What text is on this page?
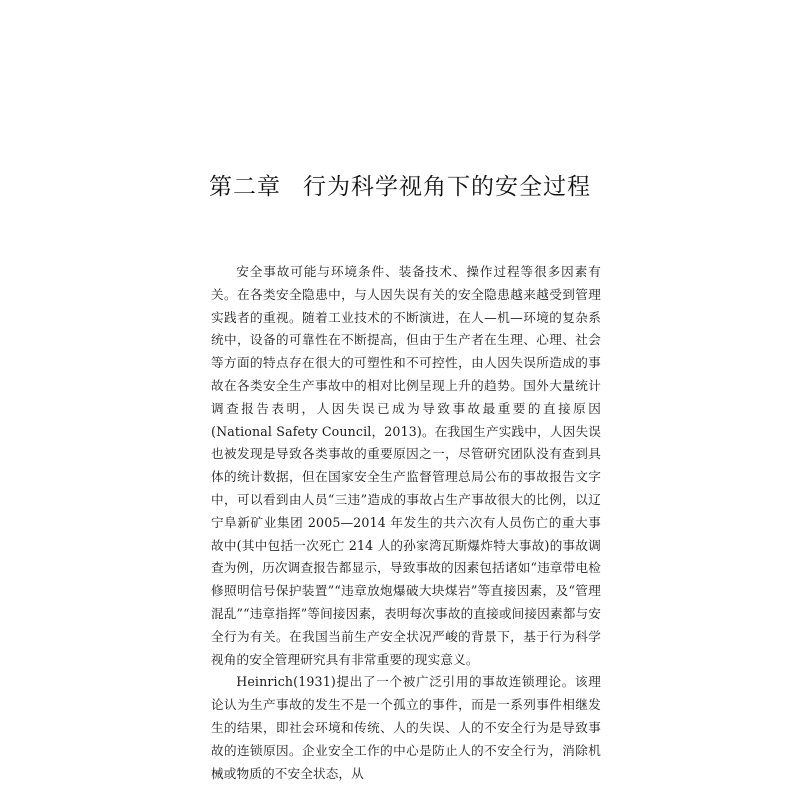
第二章 行为科学视角下的安全过程

安全事故可能与环境条件、装备技术、操作过程等很多因素有关。在各类安全隐患中，与人因失误有关的安全隐患越来越受到管理实践者的重视。随着工业技术的不断演进，在人—机—环境的复杂系统中，设备的可靠性在不断提高，但由于生产者在生理、心理、社会等方面的特点存在很大的可塑性和不可控性，由人因失误所造成的事故在各类安全生产事故中的相对比例呈现上升的趋势。国外大量统计调查报告表明，人因失误已成为导致事故最重要的直接原因(National Safety Council，2013)。在我国生产实践中，人因失误也被发现是导致各类事故的重要原因之一，尽管研究团队没有查到具体的统计数据，但在国家安全生产监督管理总局公布的事故报告文字中，可以看到由人员“三违”造成的事故占生产事故很大的比例，以辽宁阜新矿业集团 2005—2014 年发生的共六次有人员伤亡的重大事故中(其中包括一次死亡 214 人的孙家湾瓦斯爆炸特大事故)的事故调查为例，历次调查报告都显示，导致事故的因素包括诸如“违章带电检修照明信号保护装置”“违章放炮爆破大块煤岩”等直接因素，及“管理混乱”“违章指挥”等间接因素，表明每次事故的直接或间接因素都与安全行为有关。在我国当前生产安全状况严峻的背景下，基于行为科学视角的安全管理研究具有非常重要的现实意义。

Heinrich(1931)提出了一个被广泛引用的事故连锁理论。该理论认为生产事故的发生不是一个孤立的事件，而是一系列事件相继发生的结果，即社会环境和传统、人的失误、人的不安全行为是导致事故的连锁原因。企业安全工作的中心是防止人的不安全行为，消除机械或物质的不安全状态，从
